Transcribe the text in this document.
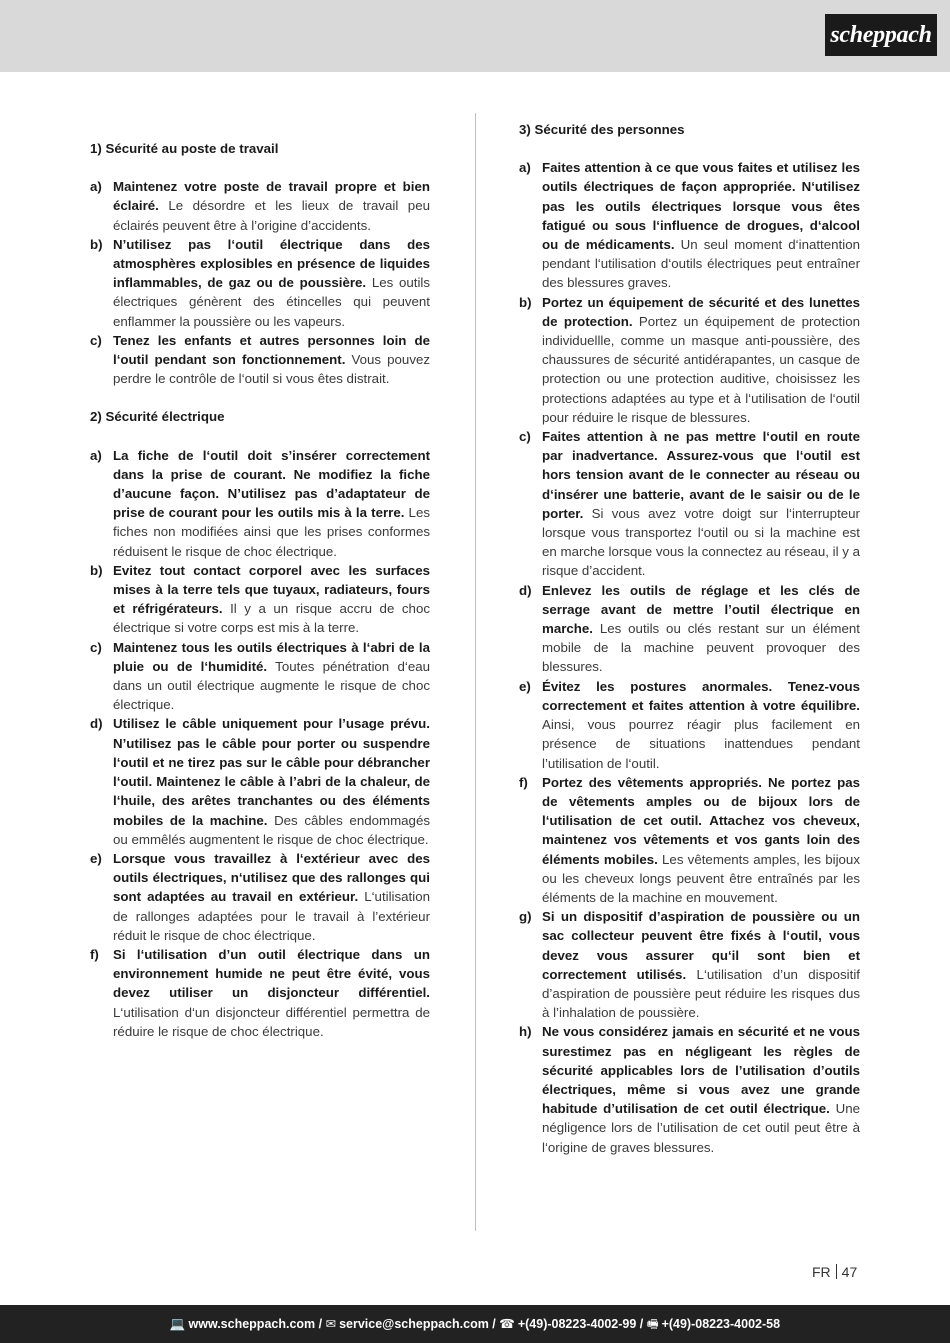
scheppach
1) Sécurité au poste de travail
a) Maintenez votre poste de travail propre et bien éclairé. Le désordre et les lieux de travail peu éclairés peuvent être à l’origine d’accidents.
b) N’utilisez pas l‘outil électrique dans des atmosphères explosibles en présence de liquides inflammables, de gaz ou de poussière. Les outils électriques génèrent des étincelles qui peuvent enflammer la poussière ou les vapeurs.
c) Tenez les enfants et autres personnes loin de l‘outil pendant son fonctionnement. Vous pouvez perdre le contrôle de l‘outil si vous êtes distrait.
2) Sécurité électrique
a) La fiche de l‘outil doit s’insérer correctement dans la prise de courant. Ne modifiez la fiche d’aucune façon. N’utilisez pas d’adaptateur de prise de courant pour les outils mis à la terre. Les fiches non modifiées ainsi que les prises conformes réduisent le risque de choc électrique.
b) Evitez tout contact corporel avec les surfaces mises à la terre tels que tuyaux, radiateurs, fours et réfrigérateurs. Il y a un risque accru de choc électrique si votre corps est mis à la terre.
c) Maintenez tous les outils électriques à l‘abri de la pluie ou de l‘humidité. Toutes pénétration d‘eau dans un outil électrique augmente le risque de choc électrique.
d) Utilisez le câble uniquement pour l’usage prévu. N’utilisez pas le câble pour porter ou suspendre l‘outil et ne tirez pas sur le câble pour débrancher l‘outil. Maintenez le câble à l’abri de la chaleur, de l‘huile, des arêtes tranchantes ou des éléments mobiles de la machine. Des câbles endommagés ou emmêlés augmentent le risque de choc électrique.
e) Lorsque vous travaillez à l‘extérieur avec des outils électriques, n‘utilisez que des rallonges qui sont adaptées au travail en extérieur. L‘utilisation de rallonges adaptées pour le travail à l’extérieur réduit le risque de choc électrique.
f)	Si l‘utilisation d’un outil électrique dans un environnement humide ne peut être évité, vous devez utiliser un disjoncteur différentiel. L‘utilisation d‘un disjoncteur différentiel permettra de réduire le risque de choc électrique.
3) Sécurité des personnes
a) Faites attention à ce que vous faites et utilisez les outils électriques de façon appropriée. N‘utilisez pas les outils électriques lorsque vous êtes fatigué ou sous l‘influence de drogues, d‘alcool ou de médicaments. Un seul moment d‘inattention pendant l‘utilisation d‘outils électriques peut entraîner des blessures graves.
b) Portez un équipement de sécurité et des lunettes de protection. Portez un équipement de protection individuellle, comme un masque anti-poussière, des chaussures de sécurité antidérapantes, un casque de protection ou une protection auditive, choisissez les protections adaptées au type et à l‘utilisation de l‘outil pour réduire le risque de blessures.
c) Faites attention à ne pas mettre l‘outil en route par inadvertance. Assurez-vous que l‘outil est hors tension avant de le connecter au réseau ou d‘insérer une batterie, avant de le saisir ou de le porter. Si vous avez votre doigt sur l‘interrupteur lorsque vous transportez l‘outil ou si la machine est en marche lorsque vous la connectez au réseau, il y a risque d’accident.
d) Enlevez les outils de réglage et les clés de serrage avant de mettre l’outil électrique en marche. Les outils ou clés restant sur un élément mobile de la machine peuvent provoquer des blessures.
e) Évitez les postures anormales. Tenez-vous correctement et faites attention à votre équilibre. Ainsi, vous pourrez réagir plus facilement en présence de situations inattendues pendant l’utilisation de l‘outil.
f)	Portez des vêtements appropriés. Ne portez pas de vêtements amples ou de bijoux lors de l‘utilisation de cet outil. Attachez vos cheveux, maintenez vos vêtements et vos gants loin des éléments mobiles. Les vêtements amples, les bijoux ou les cheveux longs peuvent être entraînés par les éléments de la machine en mouvement.
g) Si un dispositif d’aspiration de poussière ou un sac collecteur peuvent être fixés à l‘outil, vous devez vous assurer qu‘il sont bien et correctement utilisés. L‘utilisation d’un dispositif d’aspiration de poussière peut réduire les risques dus à l’inhalation de poussière.
h) Ne vous considérez jamais en sécurité et ne vous surestimez pas en négligeant les règles de sécurité applicables lors de l’utilisation d’outils électriques, même si vous avez une grande habitude d’utilisation de cet outil électrique. Une négligence lors de l’utilisation de cet outil peut être à l‘origine de graves blessures.
FR 47
💻 www.scheppach.com / ✉ service@scheppach.com / ☎ +(49)-08223-4002-99 / 🖷 +(49)-08223-4002-58
